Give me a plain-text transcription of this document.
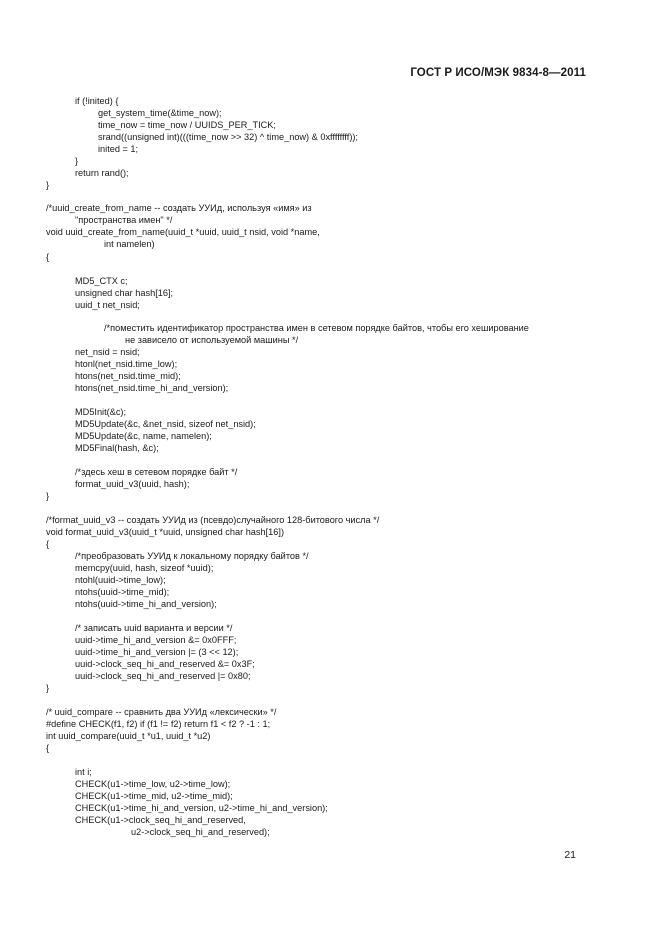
ГОСТ Р ИСО/МЭК 9834-8—2011
if (!inited) {
get_system_time(&time_now);
time_now = time_now / UUIDS_PER_TICK;
srand((unsigned int)(((time_now >> 32) ^ time_now) & 0xffffffff));
inited = 1;
}
return rand();
}
/*uuid_create_from_name -- создать УУИд, используя «имя» из
"пространства имен" */
void uuid_create_from_name(uuid_t *uuid, uuid_t nsid, void *name,
int namelen)
{
MD5_CTX c;
unsigned char hash[16];
uuid_t net_nsid;
/*поместить идентификатор пространства имен в сетевом порядке байтов, чтобы его хеширование
не зависело от используемой машины */
net_nsid = nsid;
htonl(net_nsid.time_low);
htons(net_nsid.time_mid);
htons(net_nsid.time_hi_and_version);
MD5Init(&c);
MD5Update(&c, &net_nsid, sizeof net_nsid);
MD5Update(&c, name, namelen);
MD5Final(hash, &c);
/*здесь хеш в сетевом порядке байт */
format_uuid_v3(uuid, hash);
}
/*format_uuid_v3 -- создать УУИд из (псевдо)случайного 128-битового числа */
void format_uuid_v3(uuid_t *uuid, unsigned char hash[16])
{
/*преобразовать УУИд к локальному порядку байтов */
memcpy(uuid, hash, sizeof *uuid);
ntohl(uuid->time_low);
ntohs(uuid->time_mid);
ntohs(uuid->time_hi_and_version);
/* записать uuid варианта и версии */
uuid->time_hi_and_version &= 0x0FFF;
uuid->time_hi_and_version |= (3 << 12);
uuid->clock_seq_hi_and_reserved &= 0x3F;
uuid->clock_seq_hi_and_reserved |= 0x80;
}
/* uuid_compare -- сравнить два УУИд «лексически» */
#define CHECK(f1, f2) if (f1 != f2) return f1 < f2 ? -1 : 1;
int uuid_compare(uuid_t *u1, uuid_t *u2)
{
int i;
CHECK(u1->time_low, u2->time_low);
CHECK(u1->time_mid, u2->time_mid);
CHECK(u1->time_hi_and_version, u2->time_hi_and_version);
CHECK(u1->clock_seq_hi_and_reserved,
u2->clock_seq_hi_and_reserved);
21
